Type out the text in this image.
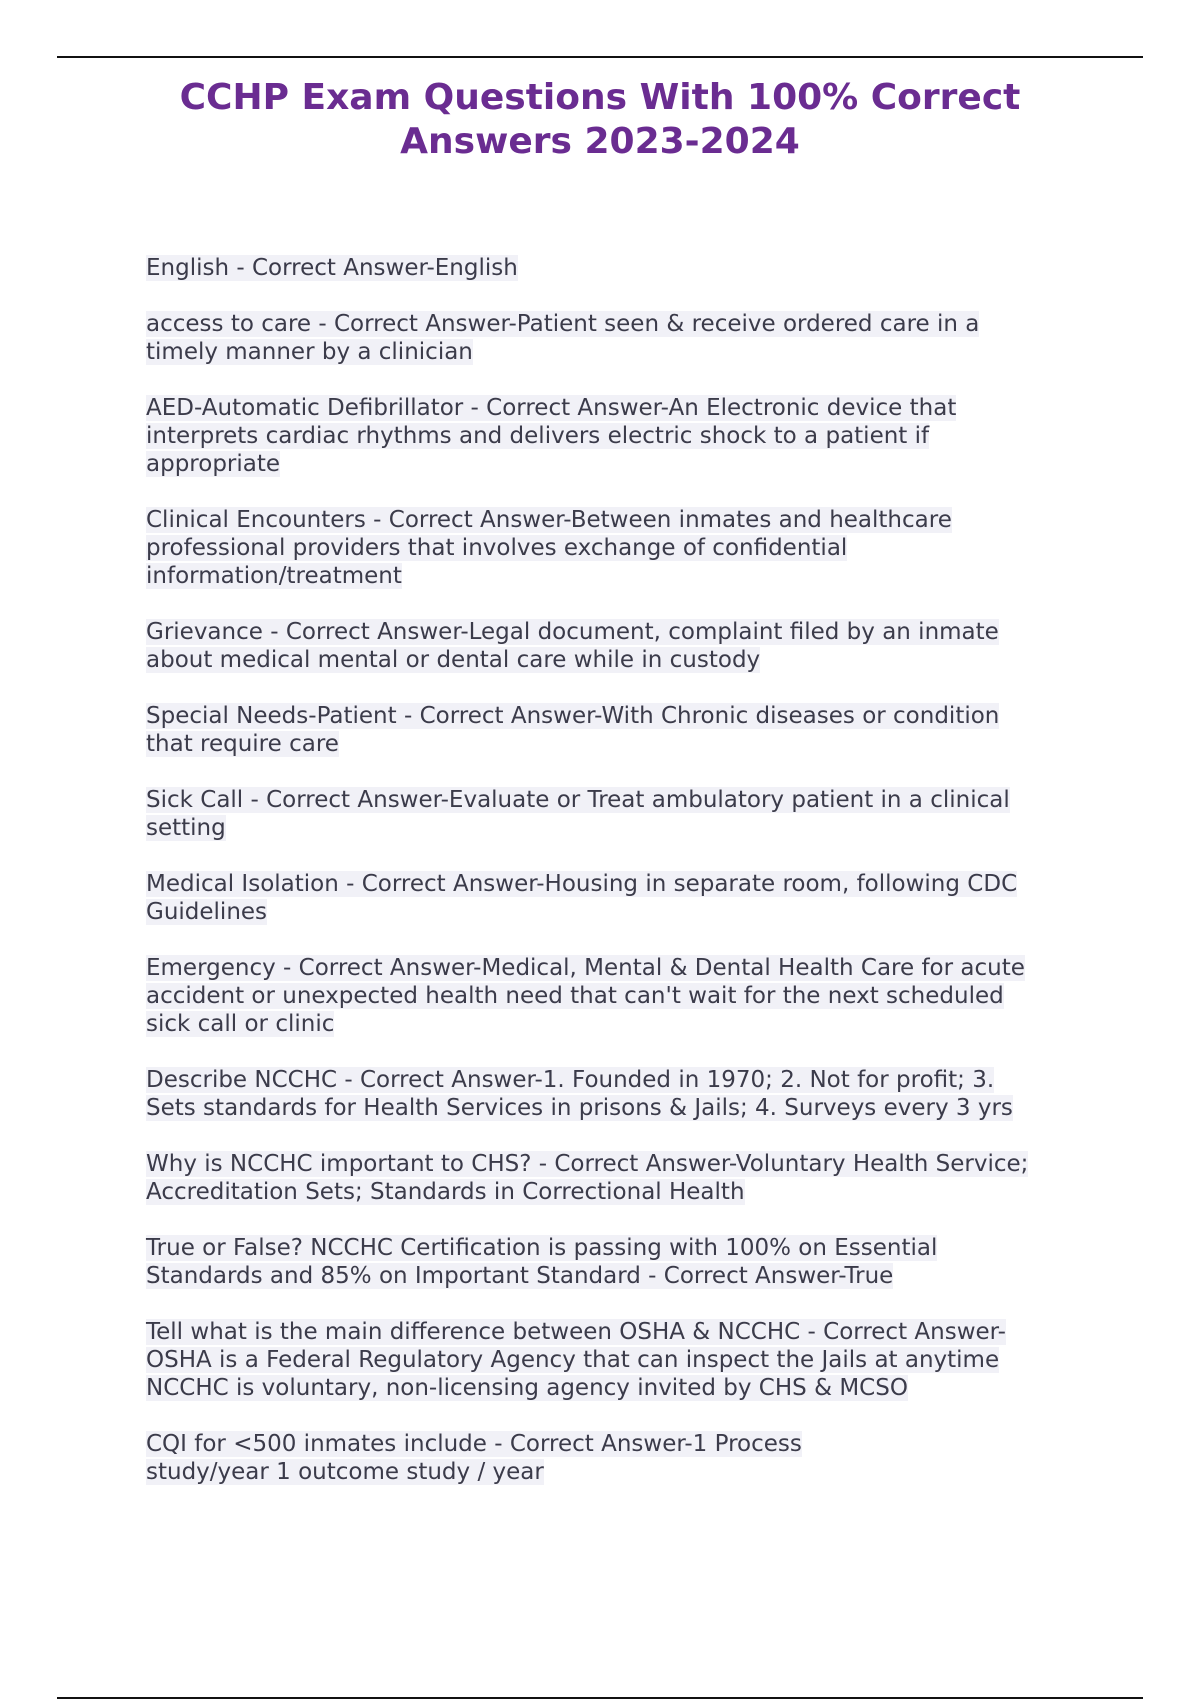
CCHP Exam Questions With 100% Correct
Answers 2023-2024

English - Correct Answer-English

access to care - Correct Answer-Patient seen & receive ordered care in a
timely manner by a clinician

AED-Automatic Defibrillator - Correct Answer-An Electronic device that
interprets cardiac rhythms and delivers electric shock to a patient if
appropriate

Clinical Encounters - Correct Answer-Between inmates and healthcare
professional providers that involves exchange of confidential
information/treatment

Grievance - Correct Answer-Legal document, complaint filed by an inmate
about medical mental or dental care while in custody

Special Needs-Patient - Correct Answer-With Chronic diseases or condition
that require care

Sick Call - Correct Answer-Evaluate or Treat ambulatory patient in a clinical
setting

Medical Isolation - Correct Answer-Housing in separate room, following CDC
Guidelines

Emergency - Correct Answer-Medical, Mental & Dental Health Care for acute
accident or unexpected health need that can't wait for the next scheduled
sick call or clinic

Describe NCCHC - Correct Answer-1. Founded in 1970; 2. Not for profit; 3.
Sets standards for Health Services in prisons & Jails; 4. Surveys every 3 yrs

Why is NCCHC important to CHS? - Correct Answer-Voluntary Health Service;
Accreditation Sets; Standards in Correctional Health

True or False? NCCHC Certification is passing with 100% on Essential
Standards and 85% on Important Standard - Correct Answer-True

Tell what is the main difference between OSHA & NCCHC - Correct Answer-
OSHA is a Federal Regulatory Agency that can inspect the Jails at anytime
NCCHC is voluntary, non-licensing agency invited by CHS & MCSO

CQI for <500 inmates include - Correct Answer-1 Process
study/year 1 outcome study / year
